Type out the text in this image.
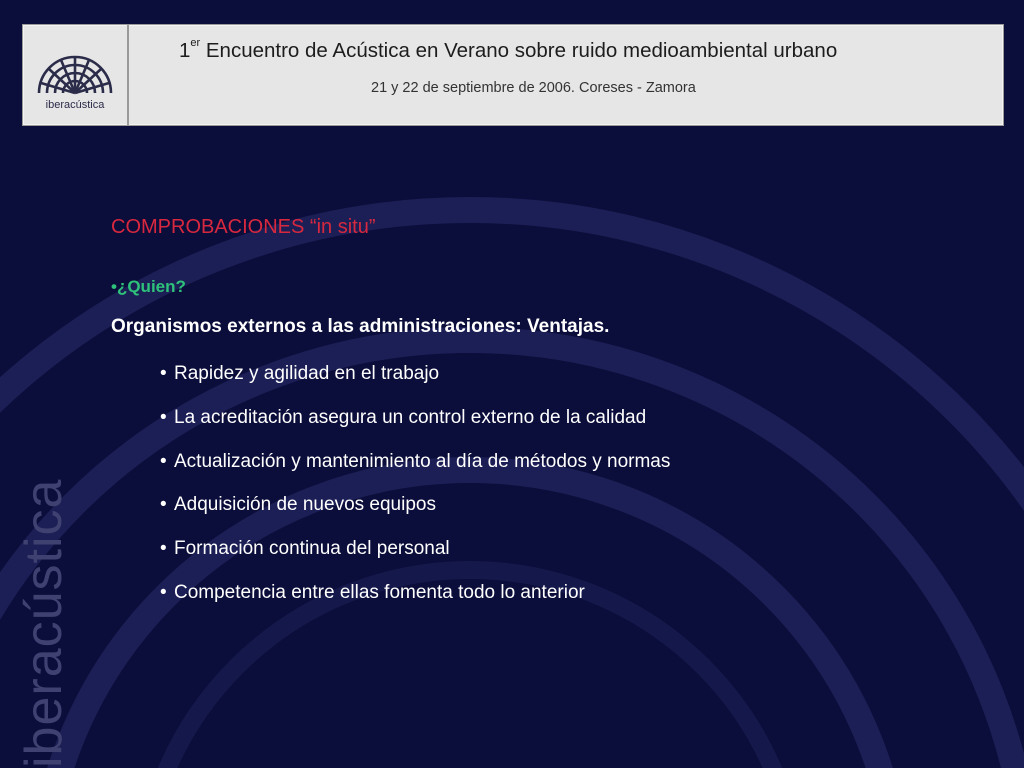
iberacústica
iberacústica
1er Encuentro de Acústica en Verano sobre ruido medioambiental urbano
21 y 22 de septiembre de 2006. Coreses - Zamora
COMPROBACIONES “in situ”
•¿Quien?
Organismos externos a las administraciones: Ventajas.
• Rapidez y agilidad en el trabajo
• La acreditación asegura un control externo de la calidad
• Actualización y mantenimiento al día de métodos y normas
• Adquisición de nuevos equipos
• Formación continua del personal
• Competencia entre ellas fomenta todo lo anterior
